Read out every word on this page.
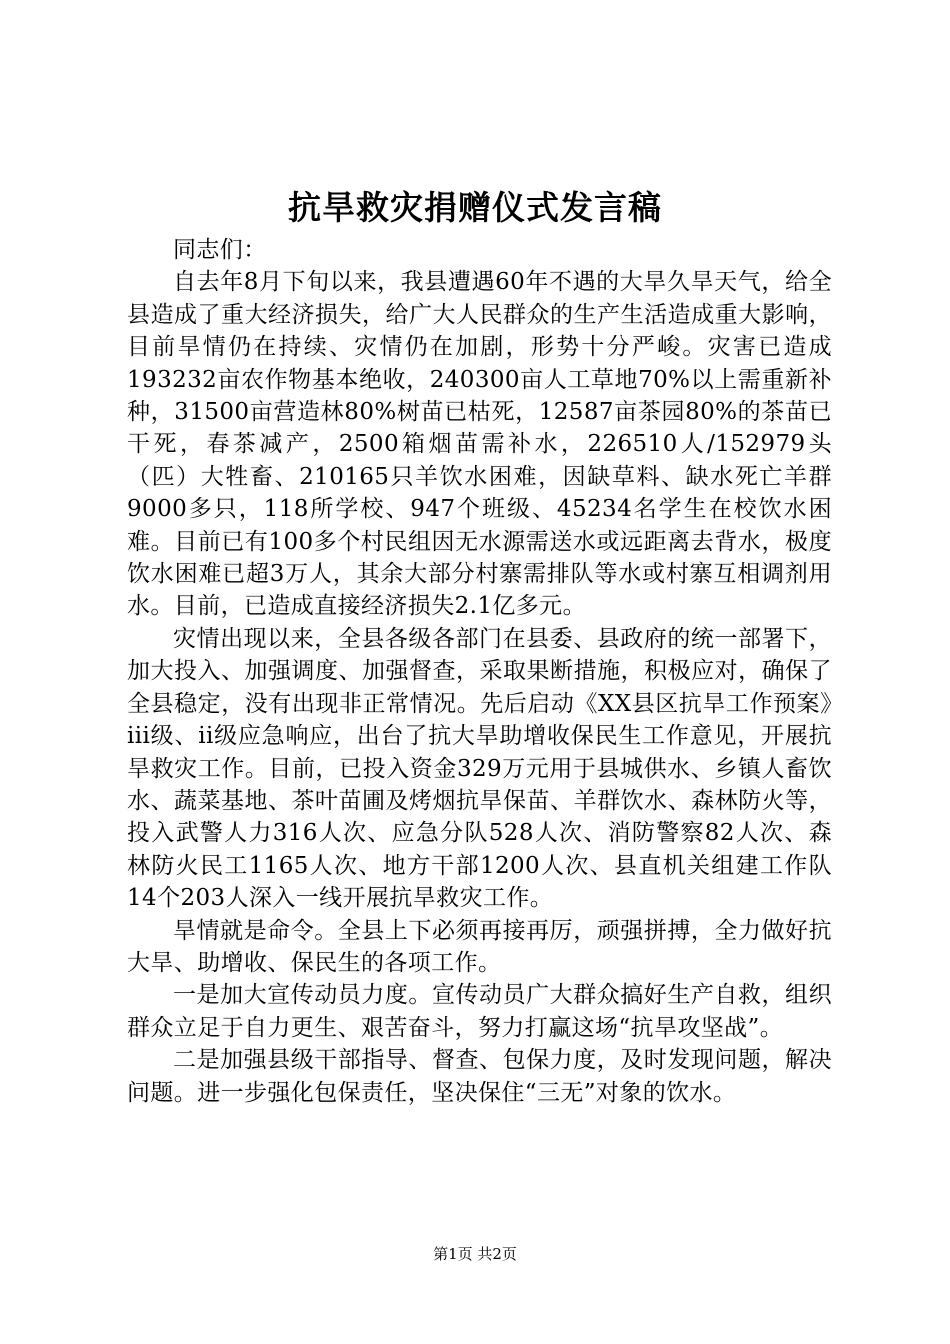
抗旱救灾捐赠仪式发言稿

同志们：

自去年8月下旬以来，我县遭遇60年不遇的大旱久旱天气，给全县造成了重大经济损失，给广大人民群众的生产生活造成重大影响，目前旱情仍在持续、灾情仍在加剧，形势十分严峻。灾害已造成193232亩农作物基本绝收，240300亩人工草地70%以上需重新补种，31500亩营造林80%树苗已枯死，12587亩茶园80%的茶苗已干死，春茶减产，2500箱烟苗需补水，226510人/152979头（匹）大牲畜、210165只羊饮水困难，因缺草料、缺水死亡羊群9000多只，118所学校、947个班级、45234名学生在校饮水困难。目前已有100多个村民组因无水源需送水或远距离去背水，极度饮水困难已超3万人，其余大部分村寨需排队等水或村寨互相调剂用水。目前，已造成直接经济损失2.1亿多元。

灾情出现以来，全县各级各部门在县委、县政府的统一部署下，加大投入、加强调度、加强督查，采取果断措施，积极应对，确保了全县稳定，没有出现非正常情况。先后启动《XX县区抗旱工作预案》iii级、ii级应急响应，出台了抗大旱助增收保民生工作意见，开展抗旱救灾工作。目前，已投入资金329万元用于县城供水、乡镇人畜饮水、蔬菜基地、茶叶苗圃及烤烟抗旱保苗、羊群饮水、森林防火等，投入武警人力316人次、应急分队528人次、消防警察82人次、森林防火民工1165人次、地方干部1200人次、县直机关组建工作队14个203人深入一线开展抗旱救灾工作。

旱情就是命令。全县上下必须再接再厉，顽强拼搏，全力做好抗大旱、助增收、保民生的各项工作。

一是加大宣传动员力度。宣传动员广大群众搞好生产自救，组织群众立足于自力更生、艰苦奋斗，努力打赢这场“抗旱攻坚战”。

二是加强县级干部指导、督查、包保力度，及时发现问题，解决问题。进一步强化包保责任，坚决保住“三无”对象的饮水。

第1页 共2页
